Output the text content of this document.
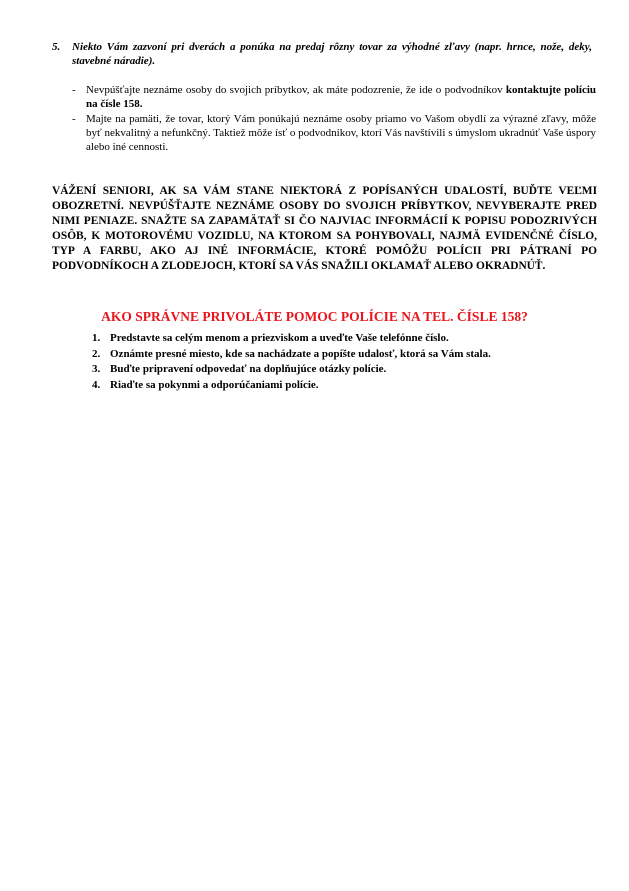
5. Niekto Vám zazvoní pri dverách a ponúka na predaj rôzny tovar za výhodné zľavy (napr. hrnce, nože, deky, stavebné náradie).
- Nevpúšťajte neznáme osoby do svojich príbytkov, ak máte podozrenie, že ide o podvodníkov kontaktujte políciu na čísle 158.
- Majte na pamäti, že tovar, ktorý Vám ponúkajú neznáme osoby priamo vo Vašom obydlí za výrazné zľavy, môže byť nekvalitný a nefunkčný. Taktiež môže ísť o podvodníkov, ktorí Vás navštívili s úmyslom ukradnúť Vaše úspory alebo iné cennosti.
VÁŽENÍ SENIORI, AK SA VÁM STANE NIEKTORÁ Z POPÍSANÝCH UDALOSTÍ, BUĎTE VEĽMI OBOZRETNÍ. NEVPÚŠŤAJTE NEZNÁME OSOBY DO SVOJICH PRÍBYTKOV, NEVYBERAJTE PRED NIMI PENIAZE. SNAŽTE SA ZAPAMÄTAŤ SI ČO NAJVIAC INFORMÁCIÍ K POPISU PODOZRIVÝCH OSÔB, K MOTOROVÉMU VOZIDLU, NA KTOROM SA POHYBOVALI, NAJMÄ EVIDENČNÉ ČÍSLO, TYP A FARBU, AKO AJ INÉ INFORMÁCIE, KTORÉ POMÔŽU POLÍCII PRI PÁTRANÍ PO PODVODNÍKOCH A ZLODEJOCH, KTORÍ SA VÁS SNAŽILI OKLAMAŤ ALEBO OKRADNÚŤ.
AKO SPRÁVNE PRIVOLÁTE POMOC POLÍCIE NA TEL. ČÍSLE 158?
1. Predstavte sa celým menom a priezviskom a uveďte Vaše telefónne číslo.
2. Oznámte presné miesto, kde sa nachádzate a popíšte udalosť, ktorá sa Vám stala.
3. Buďte pripravení odpovedať na doplňujúce otázky polície.
4. Riaďte sa pokynmi a odporúčaniami polície.
